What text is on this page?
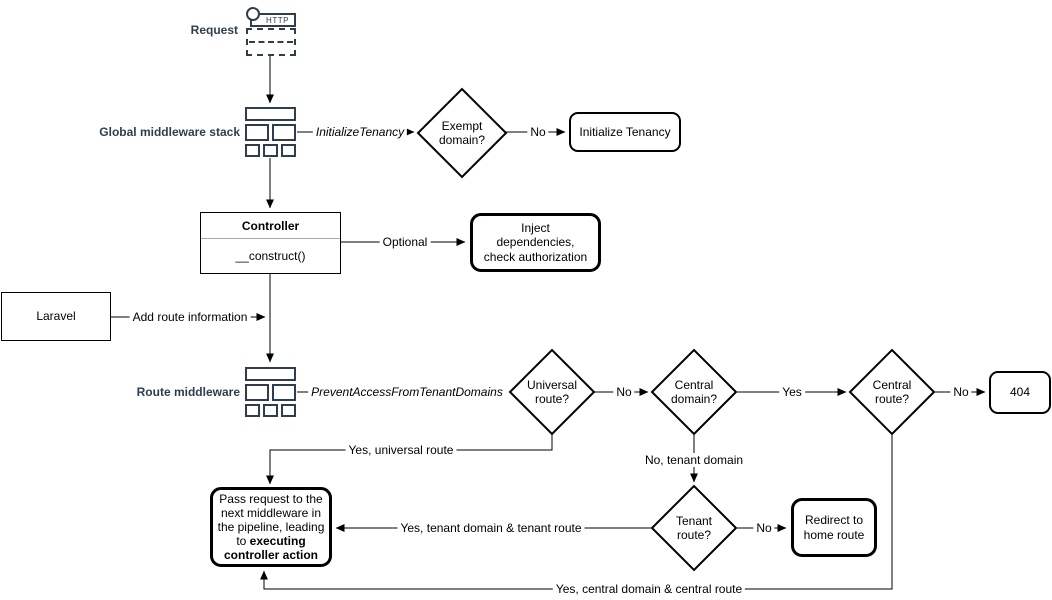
HTTP
Request
Global middleware stack	Exempt domain?
Initialize Tenancy
Controller
__construct()
Inject dependencies, check authorization
Laravel
Route middleware
Universal route?
Central domain?
Central route?
Tenant route?
404
Redirect to home route
Pass request to the next middleware in the pipeline, leading to executing controller action
InitializeTenancy	No
Optional
Add route information
PreventAccessFromTenantDomains	No	Yes	No
Yes, universal route
No, tenant domain
No
Yes, tenant domain & tenant route
Yes, central domain & central route
